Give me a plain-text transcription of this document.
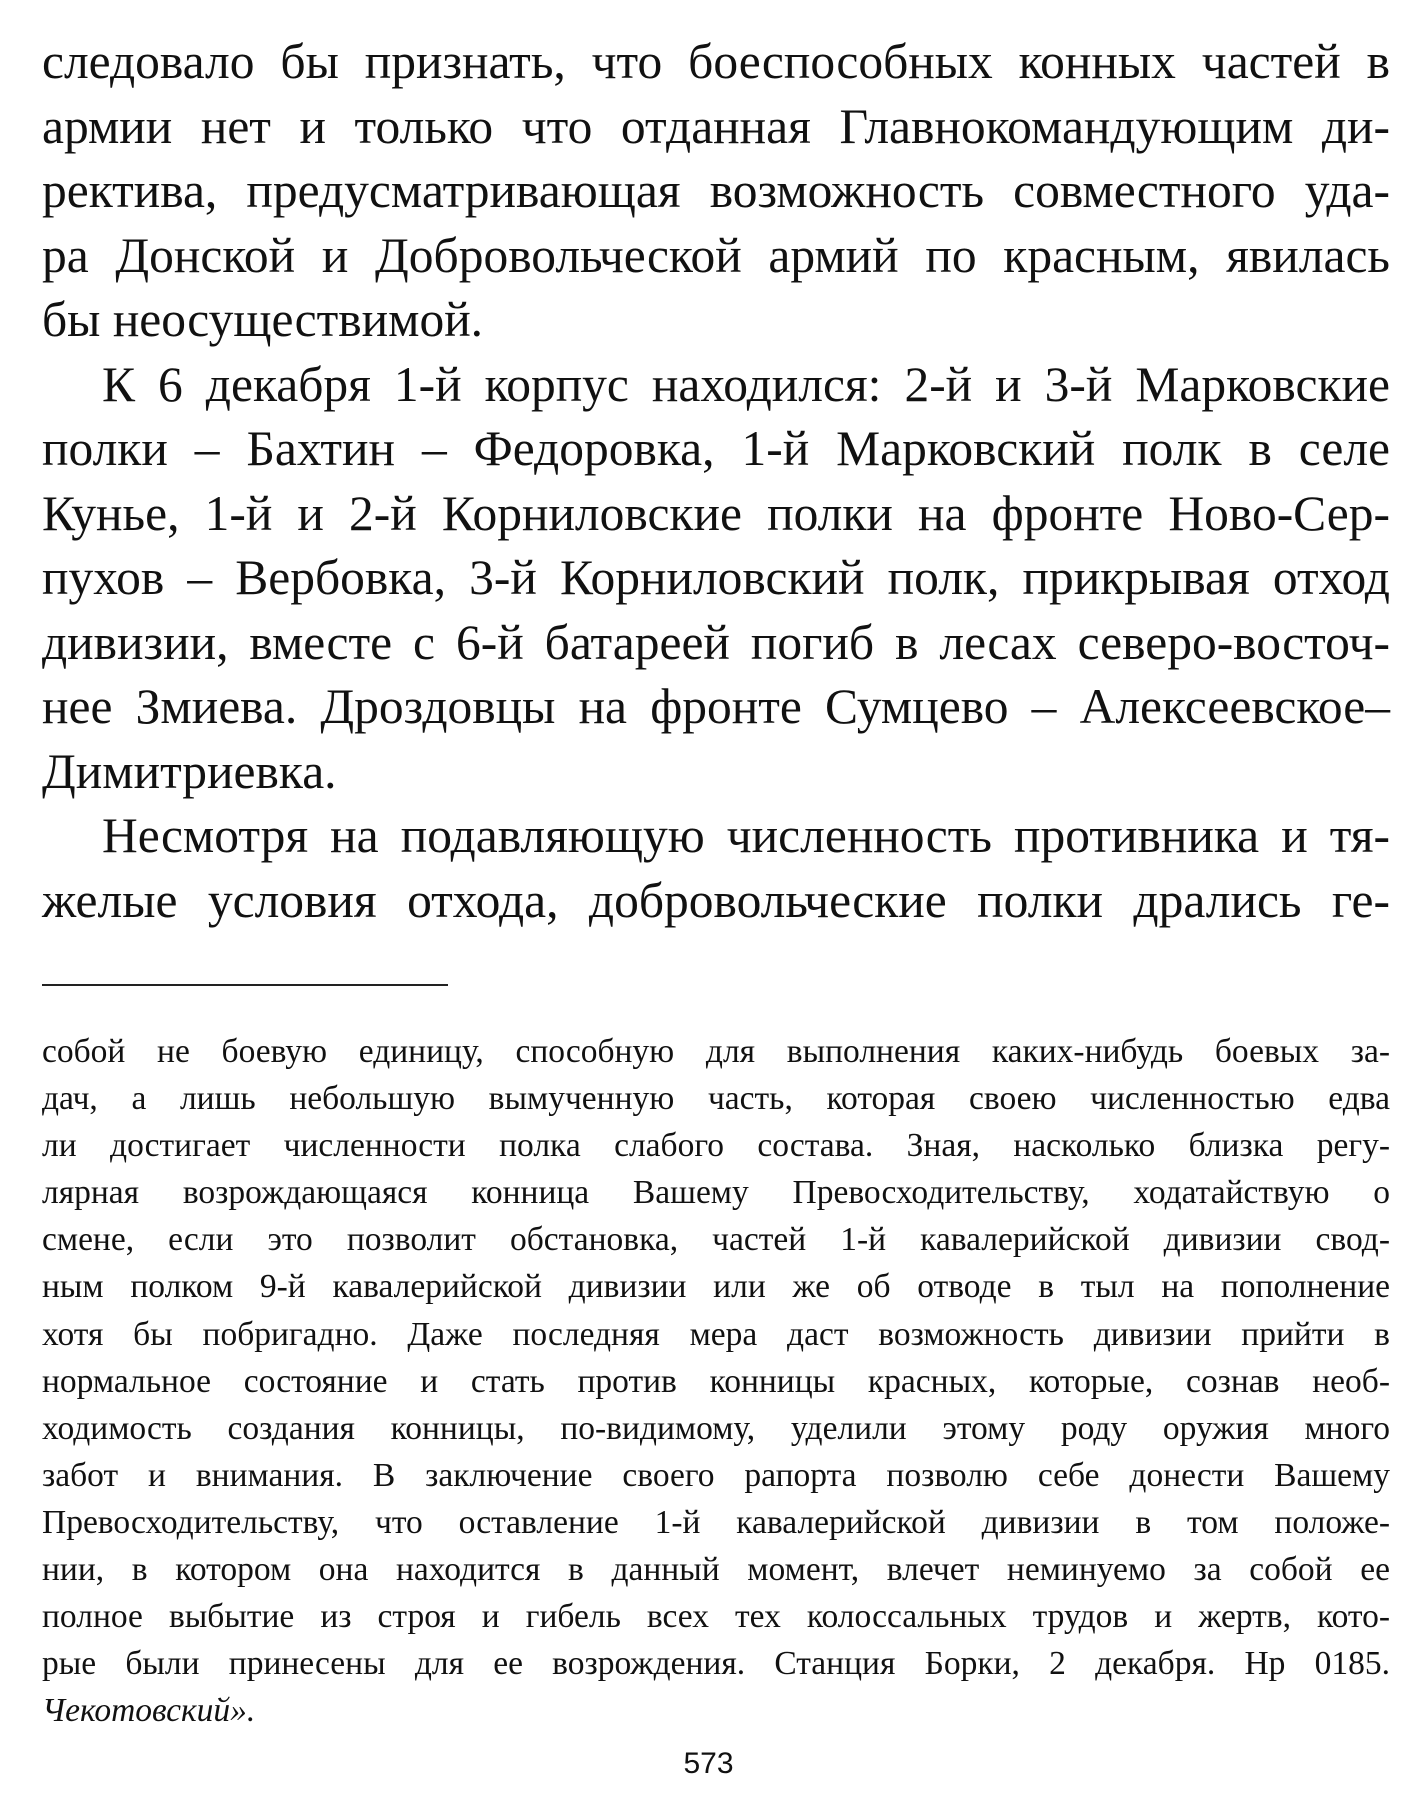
следовало бы признать, что боеспособных конных частей в
армии нет и только что отданная Главнокомандующим ди-
ректива, предусматривающая возможность совместного уда-
ра Донской и Добровольческой армий по красным, явилась
бы неосуществимой.
К 6 декабря 1-й корпус находился: 2-й и 3-й Марковские
полки – Бахтин – Федоровка, 1-й Марковский полк в селе
Кунье, 1-й и 2-й Корниловские полки на фронте Ново-Сер-
пухов – Вербовка, 3-й Корниловский полк, прикрывая отход
дивизии, вместе с 6-й батареей погиб в лесах северо-восточ-
нее Змиева. Дроздовцы на фронте Сумцево – Алексеевское–
Димитриевка.
Несмотря на подавляющую численность противника и тя-
желые условия отхода, добровольческие полки дрались ге-
собой не боевую единицу, способную для выполнения каких-нибудь боевых за-
дач, а лишь небольшую вымученную часть, которая своею численностью едва
ли достигает численности полка слабого состава. Зная, насколько близка регу-
лярная возрождающаяся конница Вашему Превосходительству, ходатайствую о
смене, если это позволит обстановка, частей 1-й кавалерийской дивизии свод-
ным полком 9-й кавалерийской дивизии или же об отводе в тыл на пополнение
хотя бы побригадно. Даже последняя мера даст возможность дивизии прийти в
нормальное состояние и стать против конницы красных, которые, сознав необ-
ходимость создания конницы, по-видимому, уделили этому роду оружия много
забот и внимания. В заключение своего рапорта позволю себе донести Вашему
Превосходительству, что оставление 1-й кавалерийской дивизии в том положе-
нии, в котором она находится в данный момент, влечет неминуемо за собой ее
полное выбытие из строя и гибель всех тех колоссальных трудов и жертв, кото-
рые были принесены для ее возрождения. Станция Борки, 2 декабря. Нр 0185.
Чекотовский».
573
